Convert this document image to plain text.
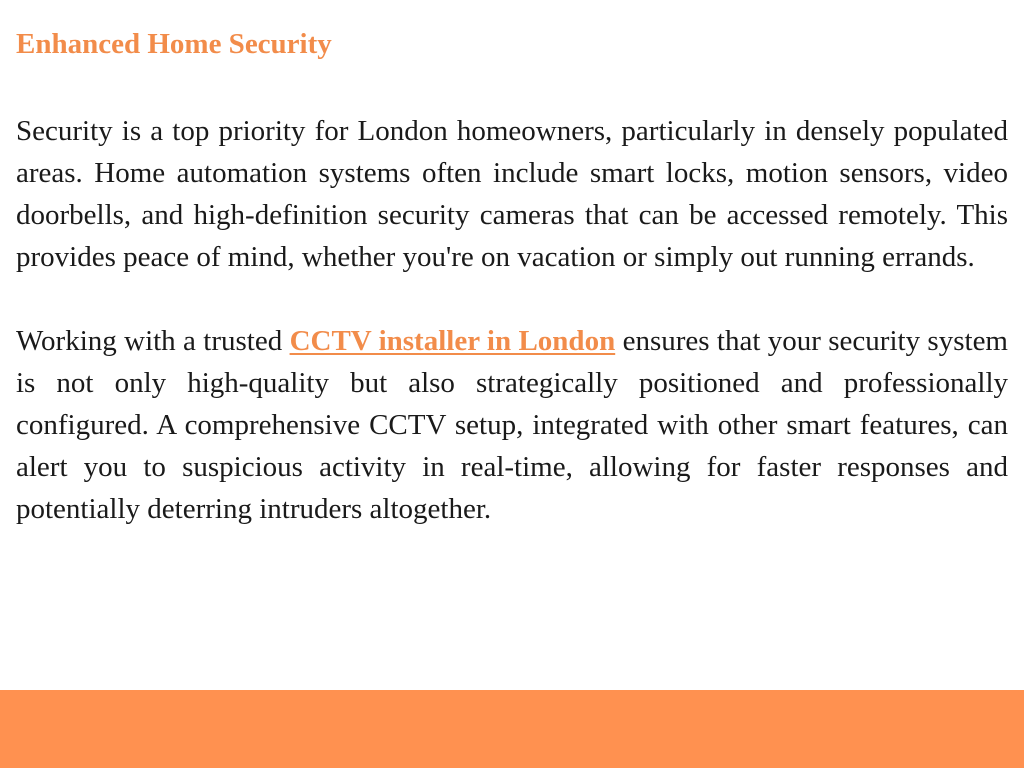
Enhanced Home Security

Security is a top priority for London homeowners, particularly in densely populated areas. Home automation systems often include smart locks, motion sensors, video doorbells, and high-definition security cameras that can be accessed remotely. This provides peace of mind, whether you're on vacation or simply out running errands.

Working with a trusted CCTV installer in London ensures that your security system is not only high-quality but also strategically positioned and professionally configured. A comprehensive CCTV setup, integrated with other smart features, can alert you to suspicious activity in real-time, allowing for faster responses and potentially deterring intruders altogether.
